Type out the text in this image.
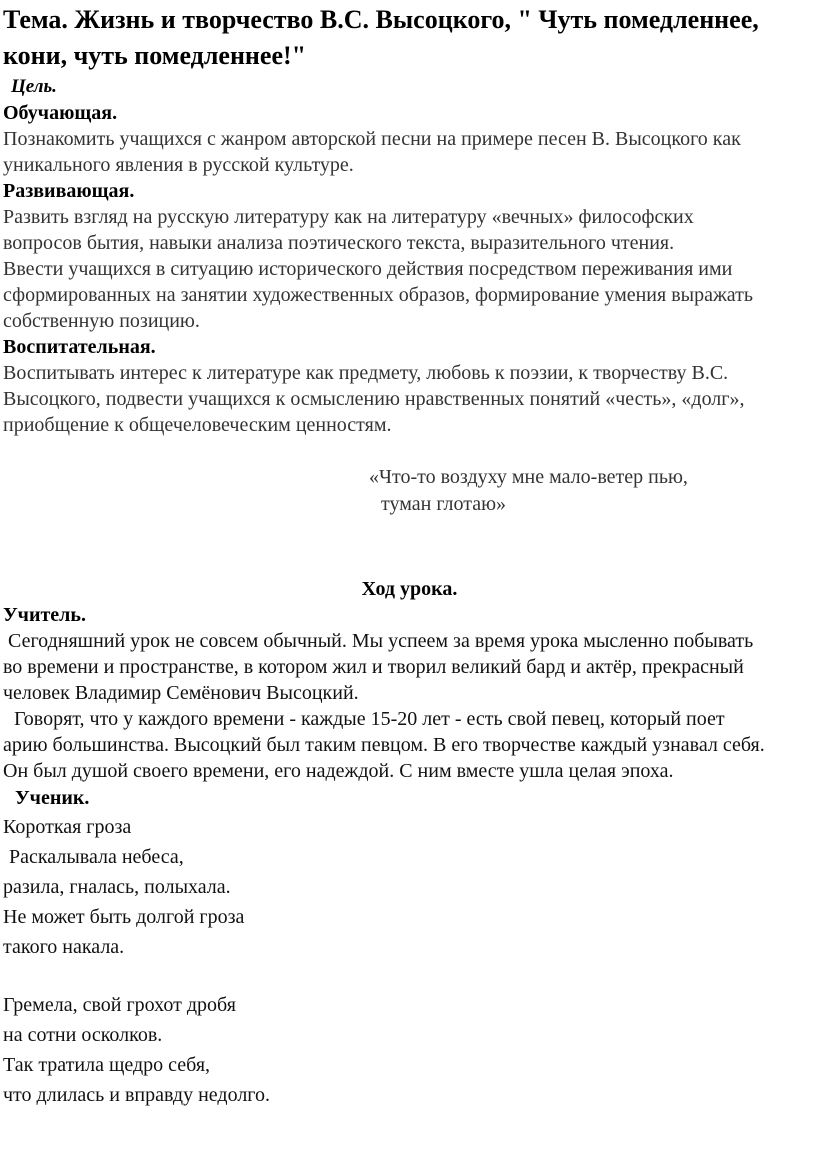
Тема. Жизнь и творчество В.С. Высоцкого, " Чуть помедленнее, кони, чуть помедленнее!"

Цель.

Обучающая.

Познакомить учащихся с жанром авторской песни на примере песен В. Высоцкого как уникального явления в русской культуре.

Развивающая.

Развить взгляд на русскую литературу как на литературу «вечных» философских вопросов бытия, навыки анализа поэтического текста, выразительного чтения.

Ввести учащихся в ситуацию исторического действия посредством переживания ими сформированных на занятии художественных образов, формирование умения выражать собственную позицию.

Воспитательная.

Воспитывать интерес к литературе как предмету, любовь к поэзии, к творчеству В.С. Высоцкого, подвести учащихся к осмыслению нравственных понятий «честь», «долг», приобщение к общечеловеческим ценностям.

«Что-то воздуху мне мало-ветер пью,
туман глотаю»

Ход урока.

Учитель.

Сегодняшний урок не совсем обычный. Мы успеем за время урока мысленно побывать во времени и пространстве, в котором жил и творил великий бард и актёр, прекрасный человек Владимир Семёнович Высоцкий.

Говорят, что у каждого времени - каждые 15-20 лет - есть свой певец, который поет арию большинства. Высоцкий был таким певцом. В его творчестве каждый узнавал себя. Он был душой своего времени, его надеждой. С ним вместе ушла целая эпоха.

Ученик.

Короткая гроза

Раскалывала небеса,

разила, гналась, полыхала.

Не может быть долгой гроза

такого накала.

Гремела, свой грохот дробя

на сотни осколков.

Так тратила щедро себя,

что длилась и вправду недолго.
